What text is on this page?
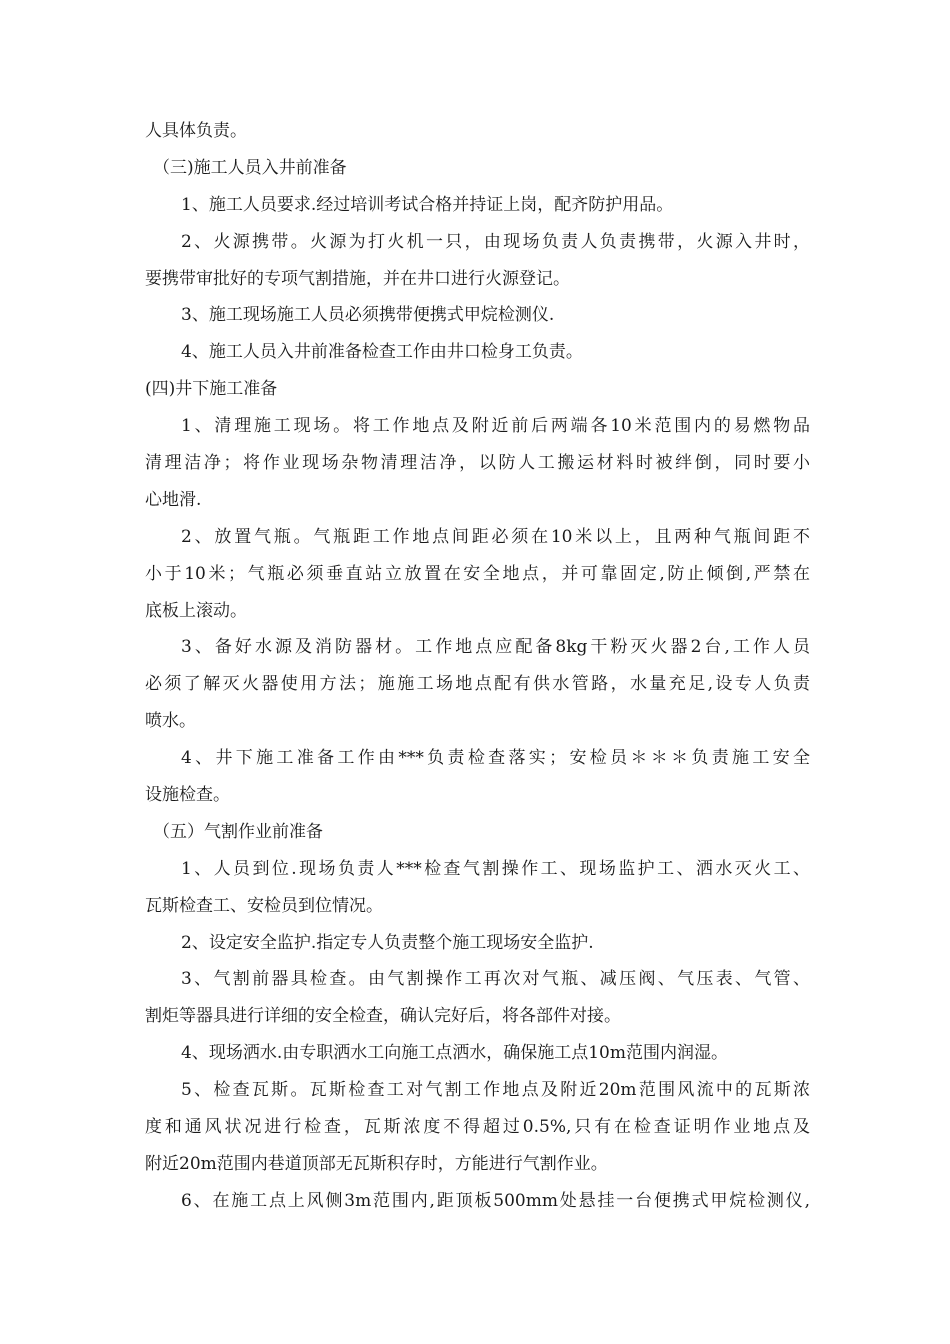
人具体负责。
（三)施工人员入井前准备
1、施工人员要求.经过培训考试合格并持证上岗，配齐防护用品。
2、火源携带。火源为打火机一只，由现场负责人负责携带，火源入井时，
要携带审批好的专项气割措施，并在井口进行火源登记。
3、施工现场施工人员必须携带便携式甲烷检测仪.
4、施工人员入井前准备检查工作由井口检身工负责。
(四)井下施工准备
1、清理施工现场。将工作地点及附近前后两端各10米范围内的易燃物品
清理洁净；将作业现场杂物清理洁净，以防人工搬运材料时被绊倒，同时要小
心地滑.
2、放置气瓶。气瓶距工作地点间距必须在10米以上，且两种气瓶间距不
小于10米；气瓶必须垂直站立放置在安全地点，并可靠固定,防止倾倒,严禁在
底板上滚动。
3、备好水源及消防器材。工作地点应配备8kg干粉灭火器2台,工作人员
必须了解灭火器使用方法；施施工场地点配有供水管路，水量充足,设专人负责
喷水。
4、井下施工准备工作由***负责检查落实；安检员＊＊＊负责施工安全
设施检查。
（五）气割作业前准备
1、人员到位.现场负责人***检查气割操作工、现场监护工、洒水灭火工、
瓦斯检查工、安检员到位情况。
2、设定安全监护.指定专人负责整个施工现场安全监护.
3、气割前器具检查。由气割操作工再次对气瓶、减压阀、气压表、气管、
割炬等器具进行详细的安全检查，确认完好后，将各部件对接。
4、现场洒水.由专职洒水工向施工点洒水，确保施工点10m范围内润湿。
5、检查瓦斯。瓦斯检查工对气割工作地点及附近20m范围风流中的瓦斯浓
度和通风状况进行检查，瓦斯浓度不得超过0.5%,只有在检查证明作业地点及
附近20m范围内巷道顶部无瓦斯积存时，方能进行气割作业。
6、在施工点上风侧3m范围内,距顶板500mm处悬挂一台便携式甲烷检测仪,
